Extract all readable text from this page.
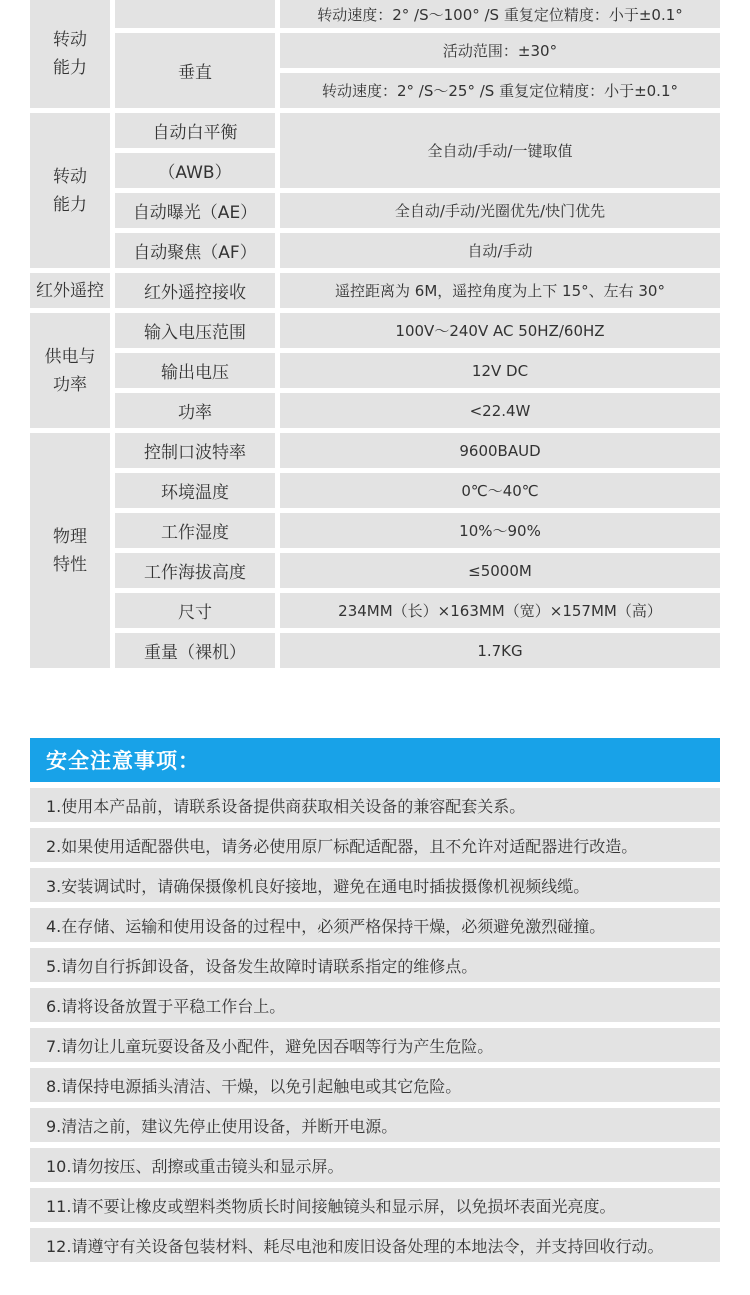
转动
能力
转动
能力
红外遥控
供电与
功率
物理
特性
垂直
自动白平衡
（AWB）
自动曝光（AE）
自动聚焦（AF）
红外遥控接收
输入电压范围
输出电压
功率
控制口波特率
环境温度
工作湿度
工作海拔高度
尺寸
重量（裸机）
转动速度：2° /S～100° /S 重复定位精度：小于±0.1°
活动范围：±30°
转动速度：2° /S～25° /S 重复定位精度：小于±0.1°
全自动/手动/一键取值
全自动/手动/光圈优先/快门优先
自动/手动
遥控距离为 6M，遥控角度为上下 15°、左右 30°
100V～240V AC 50HZ/60HZ
12V DC
<22.4W
9600BAUD
0℃～40℃
10%～90%
≤5000M
234MM（长）×163MM（宽）×157MM（高）
1.7KG
安全注意事项：
1.使用本产品前，请联系设备提供商获取相关设备的兼容配套关系。
2.如果使用适配器供电，请务必使用原厂标配适配器，且不允许对适配器进行改造。
3.安装调试时，请确保摄像机良好接地，避免在通电时插拔摄像机视频线缆。
4.在存储、运输和使用设备的过程中，必须严格保持干燥，必须避免激烈碰撞。
5.请勿自行拆卸设备，设备发生故障时请联系指定的维修点。
6.请将设备放置于平稳工作台上。
7.请勿让儿童玩耍设备及小配件，避免因吞咽等行为产生危险。
8.请保持电源插头清洁、干燥，以免引起触电或其它危险。
9.清洁之前，建议先停止使用设备，并断开电源。
10.请勿按压、刮擦或重击镜头和显示屏。
11.请不要让橡皮或塑料类物质长时间接触镜头和显示屏，以免损坏表面光亮度。
12.请遵守有关设备包装材料、耗尽电池和废旧设备处理的本地法令，并支持回收行动。
